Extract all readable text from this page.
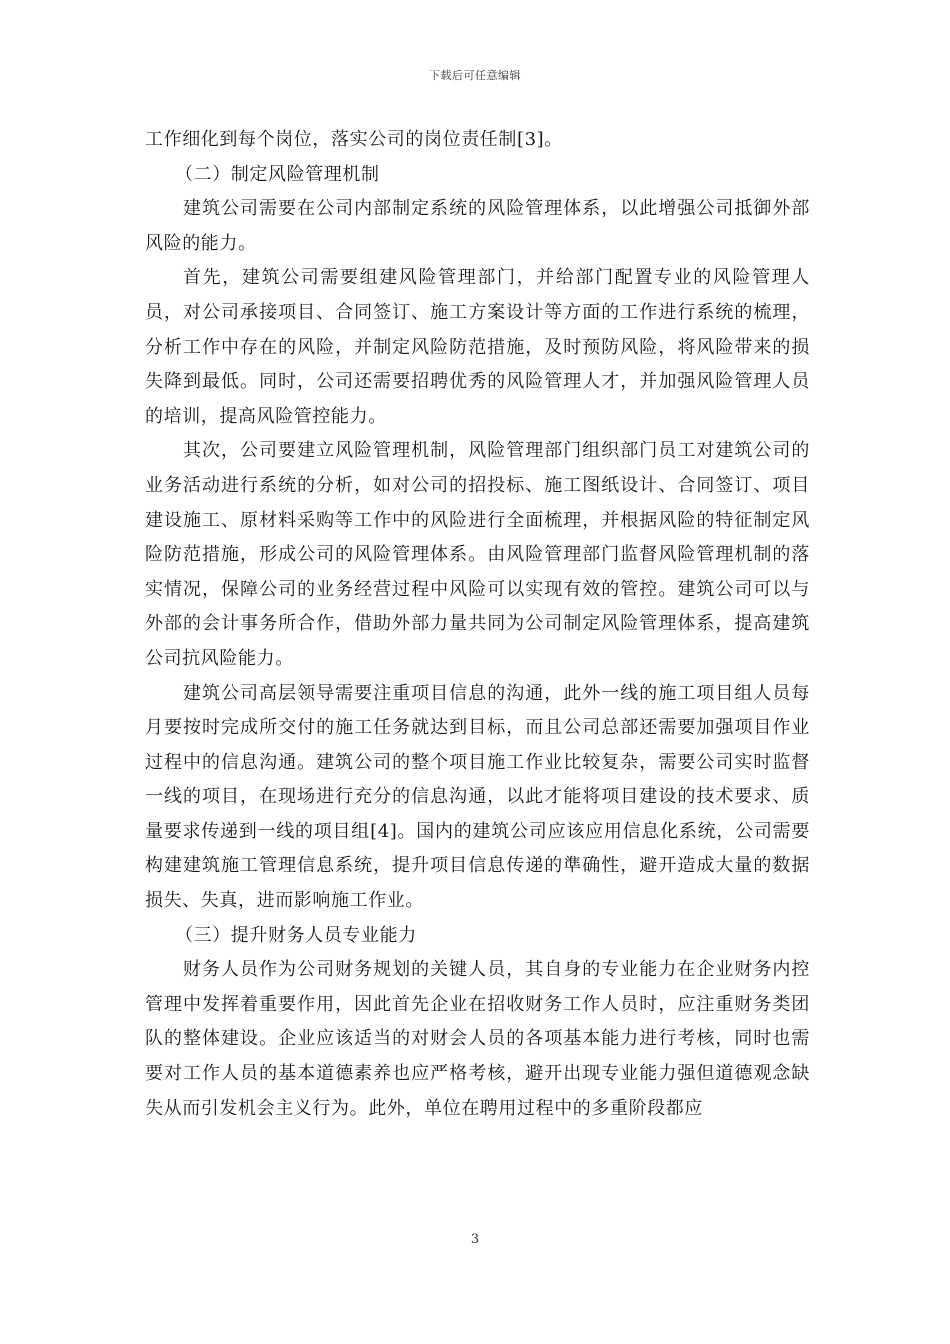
下载后可任意编辑

工作细化到每个岗位，落实公司的岗位责任制[3]。

（二）制定风险管理机制

建筑公司需要在公司内部制定系统的风险管理体系，以此增强公司抵御外部风险的能力。

首先，建筑公司需要组建风险管理部门，并给部门配置专业的风险管理人员，对公司承接项目、合同签订、施工方案设计等方面的工作进行系统的梳理，分析工作中存在的风险，并制定风险防范措施，及时预防风险，将风险带来的损失降到最低。同时，公司还需要招聘优秀的风险管理人才，并加强风险管理人员的培训，提高风险管控能力。

其次，公司要建立风险管理机制，风险管理部门组织部门员工对建筑公司的业务活动进行系统的分析，如对公司的招投标、施工图纸设计、合同签订、项目建设施工、原材料采购等工作中的风险进行全面梳理，并根据风险的特征制定风险防范措施，形成公司的风险管理体系。由风险管理部门监督风险管理机制的落实情况，保障公司的业务经营过程中风险可以实现有效的管控。建筑公司可以与外部的会计事务所合作，借助外部力量共同为公司制定风险管理体系，提高建筑公司抗风险能力。

建筑公司高层领导需要注重项目信息的沟通，此外一线的施工项目组人员每月要按时完成所交付的施工任务就达到目标，而且公司总部还需要加强项目作业过程中的信息沟通。建筑公司的整个项目施工作业比较复杂，需要公司实时监督一线的项目，在现场进行充分的信息沟通，以此才能将项目建设的技术要求、质量要求传递到一线的项目组[4]。国内的建筑公司应该应用信息化系统，公司需要构建建筑施工管理信息系统，提升项目信息传递的準确性，避开造成大量的数据损失、失真，进而影响施工作业。

（三）提升财务人员专业能力

财务人员作为公司财务规划的关键人员，其自身的专业能力在企业财务内控管理中发挥着重要作用，因此首先企业在招收财务工作人员时，应注重财务类团队的整体建设。企业应该适当的对财会人员的各项基本能力进行考核，同时也需要对工作人员的基本道德素养也应严格考核，避开出现专业能力强但道德观念缺失从而引发机会主义行为。此外，单位在聘用过程中的多重阶段都应

3
